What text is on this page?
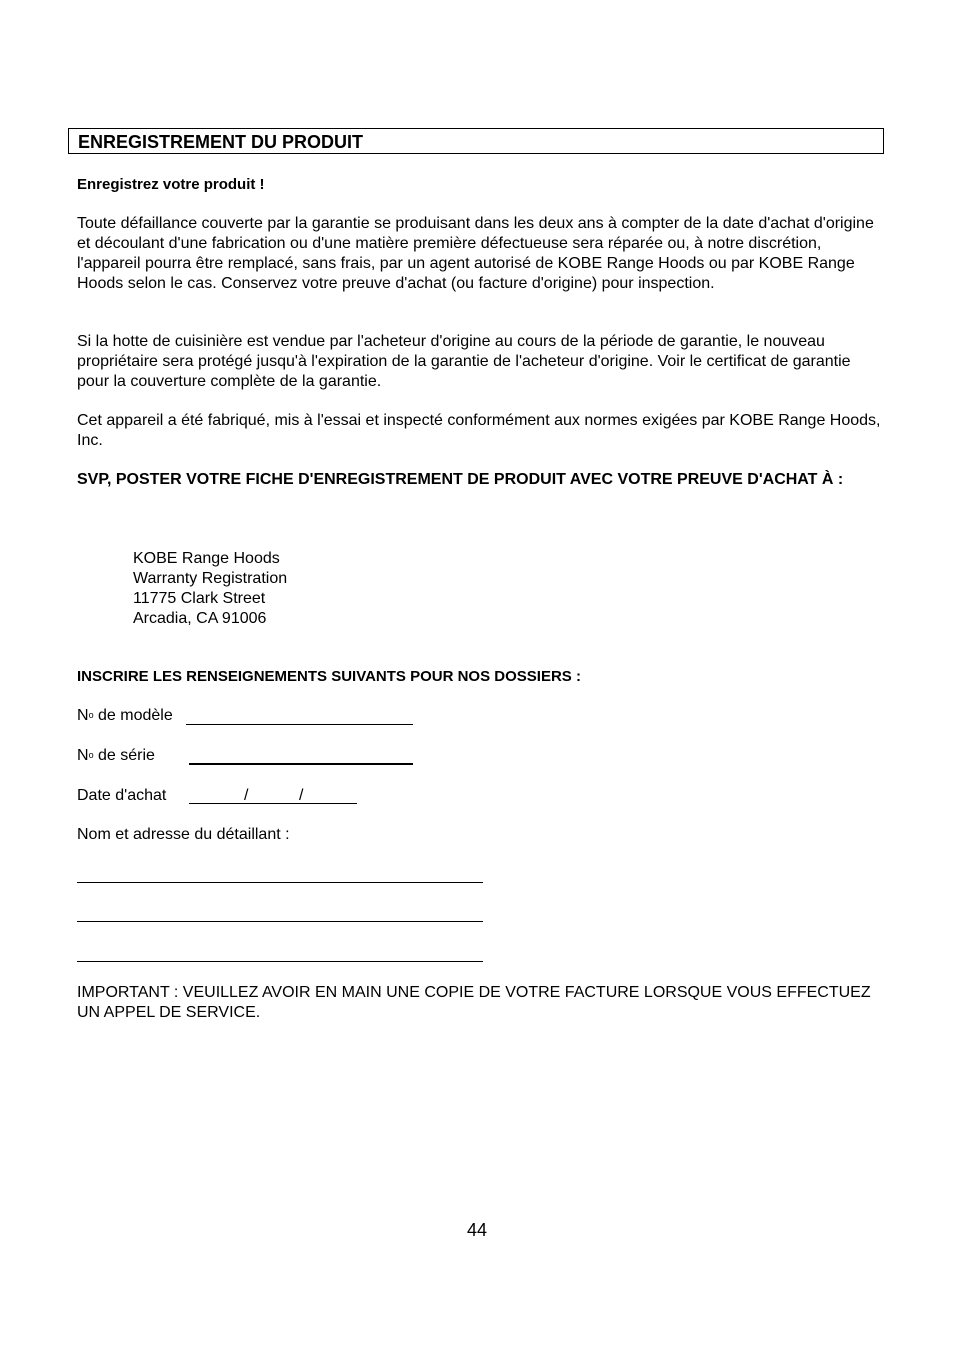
ENREGISTREMENT DU PRODUIT
Enregistrez votre produit !
Toute défaillance couverte par la garantie se produisant dans les deux ans à compter de la date d'achat d'origine et découlant d'une fabrication ou d'une matière première défectueuse sera réparée ou, à notre discrétion, l'appareil pourra être remplacé, sans frais, par un agent autorisé de KOBE Range Hoods ou par KOBE Range Hoods selon le cas. Conservez votre preuve d'achat (ou facture d'origine) pour inspection.
Si la hotte de cuisinière est vendue par l'acheteur d'origine au cours de la période de garantie, le nouveau propriétaire sera protégé jusqu'à l'expiration de la garantie de l'acheteur d'origine. Voir le certificat de garantie pour la couverture complète de la garantie.
Cet appareil a été fabriqué, mis à l'essai et inspecté conformément aux normes exigées par KOBE Range Hoods, Inc.
SVP, POSTER VOTRE FICHE D'ENREGISTREMENT DE PRODUIT AVEC VOTRE PREUVE D'ACHAT À :
KOBE Range Hoods
Warranty Registration
11775 Clark Street
Arcadia, CA 91006
INSCRIRE LES RENSEIGNEMENTS SUIVANTS POUR NOS DOSSIERS :
$N^o$ de modèle
$N^o$ de série
Date d'achat	/	/
Nom et adresse du détaillant :
IMPORTANT : VEUILLEZ AVOIR EN MAIN UNE COPIE DE VOTRE FACTURE LORSQUE VOUS EFFECTUEZ UN APPEL DE SERVICE.
44
